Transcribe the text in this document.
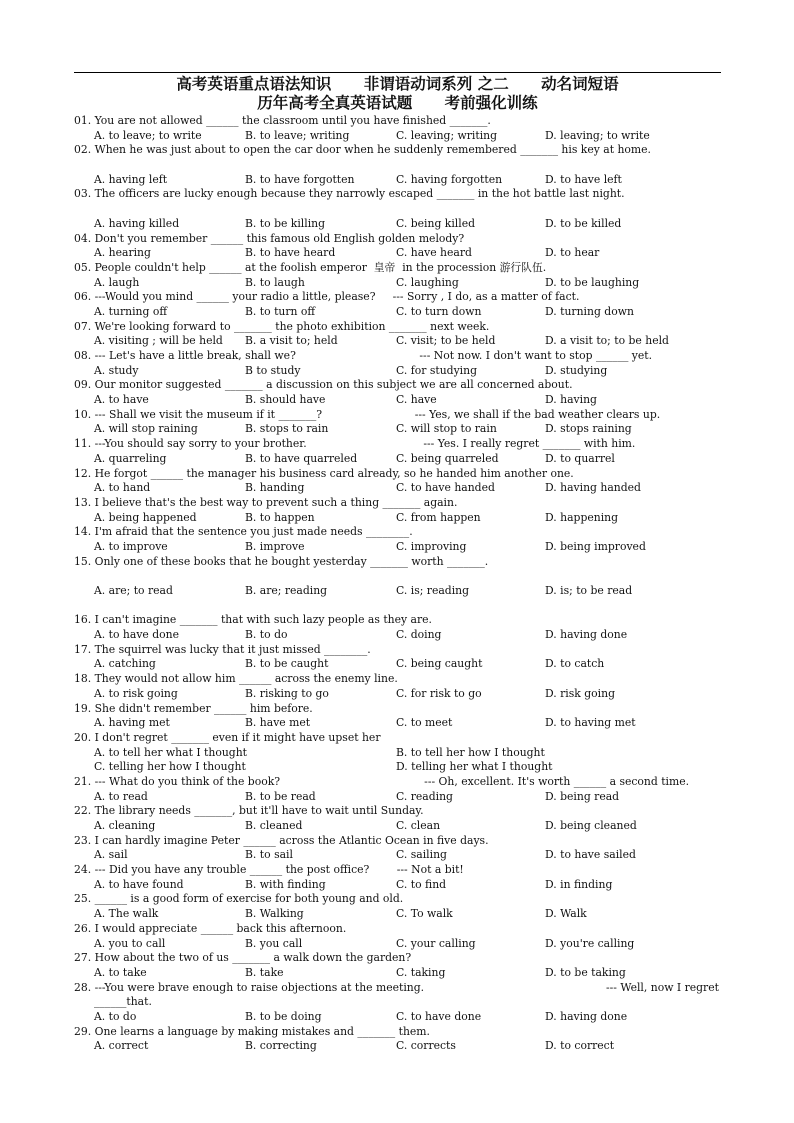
高考英语重点语法知识      非谓语动词系列 之二      动名词短语
历年高考全真英语试题      考前强化训练
01. You are not allowed ______ the classroom until you have finished _______.
A. to leave; to write	B. to leave; writing	C. leaving; writing	D. leaving; to write
02. When he was just about to open the car door when he suddenly remembered _______ his key at home.
A. having left	B. to have forgotten	C. having forgotten	D. to have left
03. The officers are lucky enough because they narrowly escaped _______ in the hot battle last night.
A. having killed	B. to be killing	C. being killed	D. to be killed
04. Don't you remember ______ this famous old English golden melody?
A. hearing	B. to have heard	C. have heard	D. to hear
05. People couldn't help ______ at the foolish emperor  皇帝  in the procession 游行队伍.
A. laugh	B. to laugh	C. laughing	D. to be laughing
06. ---Would you mind ______ your radio a little, please?     --- Sorry , I do, as a matter of fact.
A. turning off	B. to turn off	C. to turn down	D. turning down
07. We're looking forward to _______ the photo exhibition _______ next week.
A. visiting ; will be held B. a visit to; held	C. visit; to be held	D. a visit to; to be held
08. --- Let's have a little break, shall we?                                    --- Not now. I don't want to stop ______ yet.
A. study	B to study	C. for studying	D. studying
09. Our monitor suggested _______ a discussion on this subject we are all concerned about.
A. to have	B. should have	C. have	D. having
10. --- Shall we visit the museum if it _______?                           --- Yes, we shall if the bad weather clears up.
A. will stop raining	B. stops to rain	C. will stop to rain	D. stops raining
11. ---You should say sorry to your brother.                                  --- Yes. I really regret _______ with him.
A. quarreling	B. to have quarreled	C. being quarreled	D. to quarrel
12. He forgot ______ the manager his business card already, so he handed him another one.
A. to hand	B. handing	C. to have handed	D. having handed
13. I believe that's the best way to prevent such a thing _______ again.
A. being happened	B. to happen	C. from happen	D. happening
14. I'm afraid that the sentence you just made needs ________.
A. to improve	B. improve	C. improving	D. being improved
15. Only one of these books that he bought yesterday _______ worth _______.
A. are; to read	B. are; reading	C. is; reading	D. is; to be read
16. I can't imagine _______ that with such lazy people as they are.
A. to have done	B. to do	C. doing	D. having done
17. The squirrel was lucky that it just missed ________.
A. catching	B. to be caught	C. being caught	D. to catch
18. They would not allow him ______ across the enemy line.
A. to risk going	B. risking to go	C. for risk to go	D. risk going
19. She didn't remember ______ him before.
A. having met	B. have met	C. to meet	D. to having met
20. I don't regret _______ even if it might have upset her
A. to tell her what I thought	B. to tell her how I thought
C. telling her how I thought	D. telling her what I thought
21. --- What do you think of the book?                                          --- Oh, excellent. It's worth ______ a second time.
A. to read	B. to be read	C. reading	D. being read
22. The library needs _______, but it'll have to wait until Sunday.
A. cleaning	B. cleaned	C. clean	D. being cleaned
23. I can hardly imagine Peter ______ across the Atlantic Ocean in five days.
A. sail	B. to sail	C. sailing	D. to have sailed
24. --- Did you have any trouble ______ the post office?        --- Not a bit!
A. to have found	B. with finding	C. to find	D. in finding
25. ______ is a good form of exercise for both young and old.
A. The walk	B. Walking	C. To walk	D. Walk
26. I would appreciate ______ back this afternoon.
A. you to call	B. you call	C. your calling	D. you're calling
27. How about the two of us _______ a walk down the garden?
A. to take	B. take	C. taking	D. to be taking
28. ---You were brave enough to raise objections at the meeting.                                                     --- Well, now I regret
______that.
A. to do	B. to be doing	C. to have done	D. having done
29. One learns a language by making mistakes and _______ them.
A. correct	B. correcting	C. corrects	D. to correct
